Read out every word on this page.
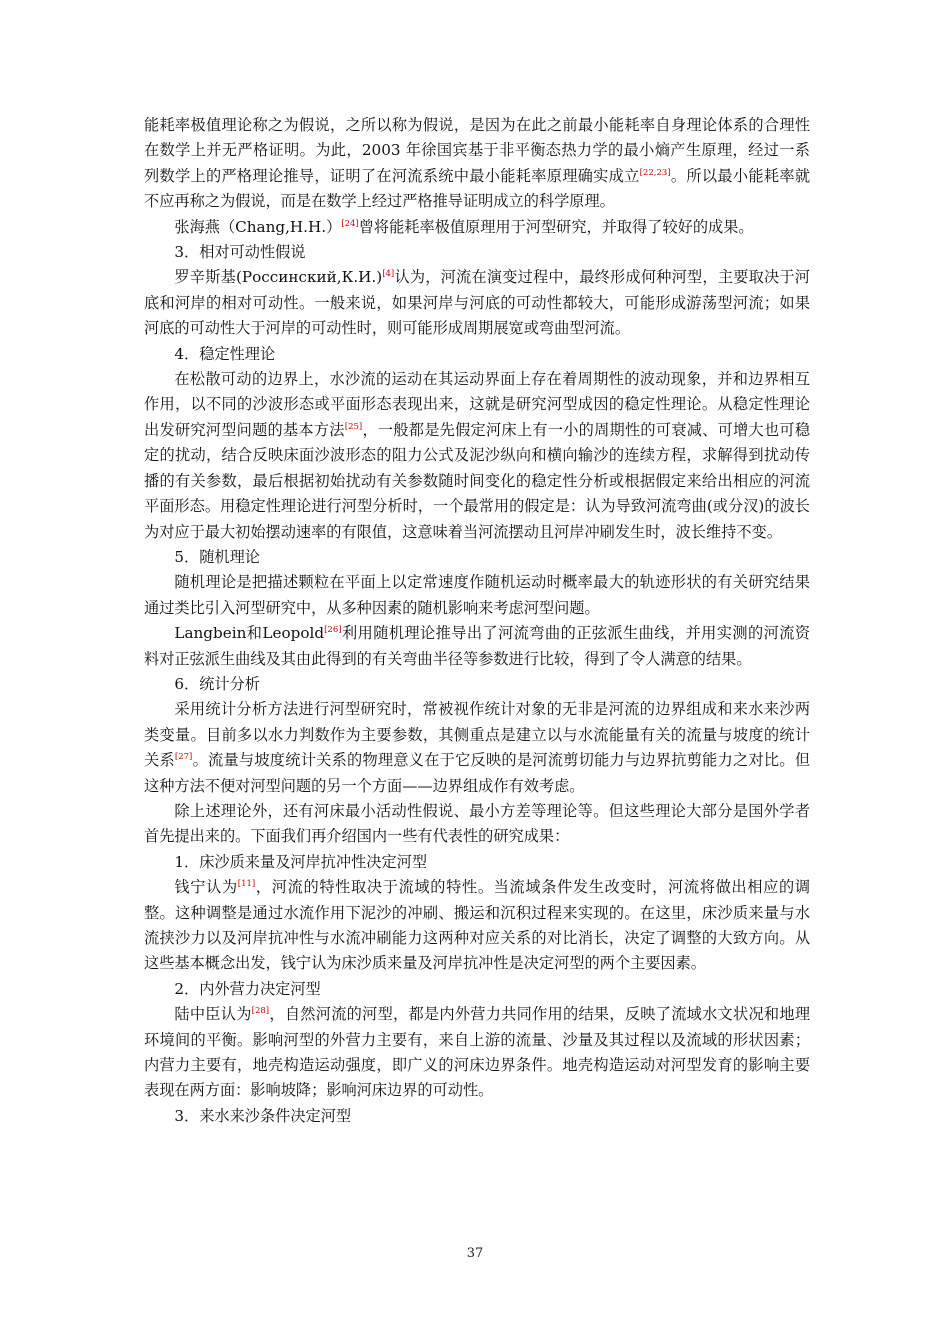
能耗率极值理论称之为假说，之所以称为假说，是因为在此之前最小能耗率自身理论体系的合理性在数学上并无严格证明。为此，2003 年徐国宾基于非平衡态热力学的最小熵产生原理，经过一系列数学上的严格理论推导，证明了在河流系统中最小能耗率原理确实成立[22,23]。所以最小能耗率就不应再称之为假说，而是在数学上经过严格推导证明成立的科学原理。

张海燕（Chang,H.H.）[24]曾将能耗率极值原理用于河型研究，并取得了较好的成果。

3．相对可动性假说

罗辛斯基(Россинский,К.И.)[4]认为，河流在演变过程中，最终形成何种河型，主要取决于河底和河岸的相对可动性。一般来说，如果河岸与河底的可动性都较大，可能形成游荡型河流；如果河底的可动性大于河岸的可动性时，则可能形成周期展宽或弯曲型河流。

4．稳定性理论

在松散可动的边界上，水沙流的运动在其运动界面上存在着周期性的波动现象，并和边界相互作用，以不同的沙波形态或平面形态表现出来，这就是研究河型成因的稳定性理论。从稳定性理论出发研究河型问题的基本方法[25]，一般都是先假定河床上有一小的周期性的可衰减、可增大也可稳定的扰动，结合反映床面沙波形态的阻力公式及泥沙纵向和横向输沙的连续方程，求解得到扰动传播的有关参数，最后根据初始扰动有关参数随时间变化的稳定性分析或根据假定来给出相应的河流平面形态。用稳定性理论进行河型分析时，一个最常用的假定是：认为导致河流弯曲(或分汊)的波长为对应于最大初始摆动速率的有限值，这意味着当河流摆动且河岸冲刷发生时，波长维持不变。

5．随机理论

随机理论是把描述颗粒在平面上以定常速度作随机运动时概率最大的轨迹形状的有关研究结果通过类比引入河型研究中，从多种因素的随机影响来考虑河型问题。

Langbein和Leopold[26]利用随机理论推导出了河流弯曲的正弦派生曲线，并用实测的河流资料对正弦派生曲线及其由此得到的有关弯曲半径等参数进行比较，得到了令人满意的结果。

6．统计分析

采用统计分析方法进行河型研究时，常被视作统计对象的无非是河流的边界组成和来水来沙两类变量。目前多以水力判数作为主要参数，其侧重点是建立以与水流能量有关的流量与坡度的统计关系[27]。流量与坡度统计关系的物理意义在于它反映的是河流剪切能力与边界抗剪能力之对比。但这种方法不便对河型问题的另一个方面——边界组成作有效考虑。

除上述理论外，还有河床最小活动性假说、最小方差等理论等。但这些理论大部分是国外学者首先提出来的。下面我们再介绍国内一些有代表性的研究成果：

1．床沙质来量及河岸抗冲性决定河型

钱宁认为[11]，河流的特性取决于流域的特性。当流域条件发生改变时，河流将做出相应的调整。这种调整是通过水流作用下泥沙的冲刷、搬运和沉积过程来实现的。在这里，床沙质来量与水流挟沙力以及河岸抗冲性与水流冲刷能力这两种对应关系的对比消长，决定了调整的大致方向。从这些基本概念出发，钱宁认为床沙质来量及河岸抗冲性是决定河型的两个主要因素。

2．内外营力决定河型

陆中臣认为[28]，自然河流的河型，都是内外营力共同作用的结果，反映了流域水文状况和地理环境间的平衡。影响河型的外营力主要有，来自上游的流量、沙量及其过程以及流域的形状因素；内营力主要有，地壳构造运动强度，即广义的河床边界条件。地壳构造运动对河型发育的影响主要表现在两方面：影响坡降；影响河床边界的可动性。

3．来水来沙条件决定河型

37
